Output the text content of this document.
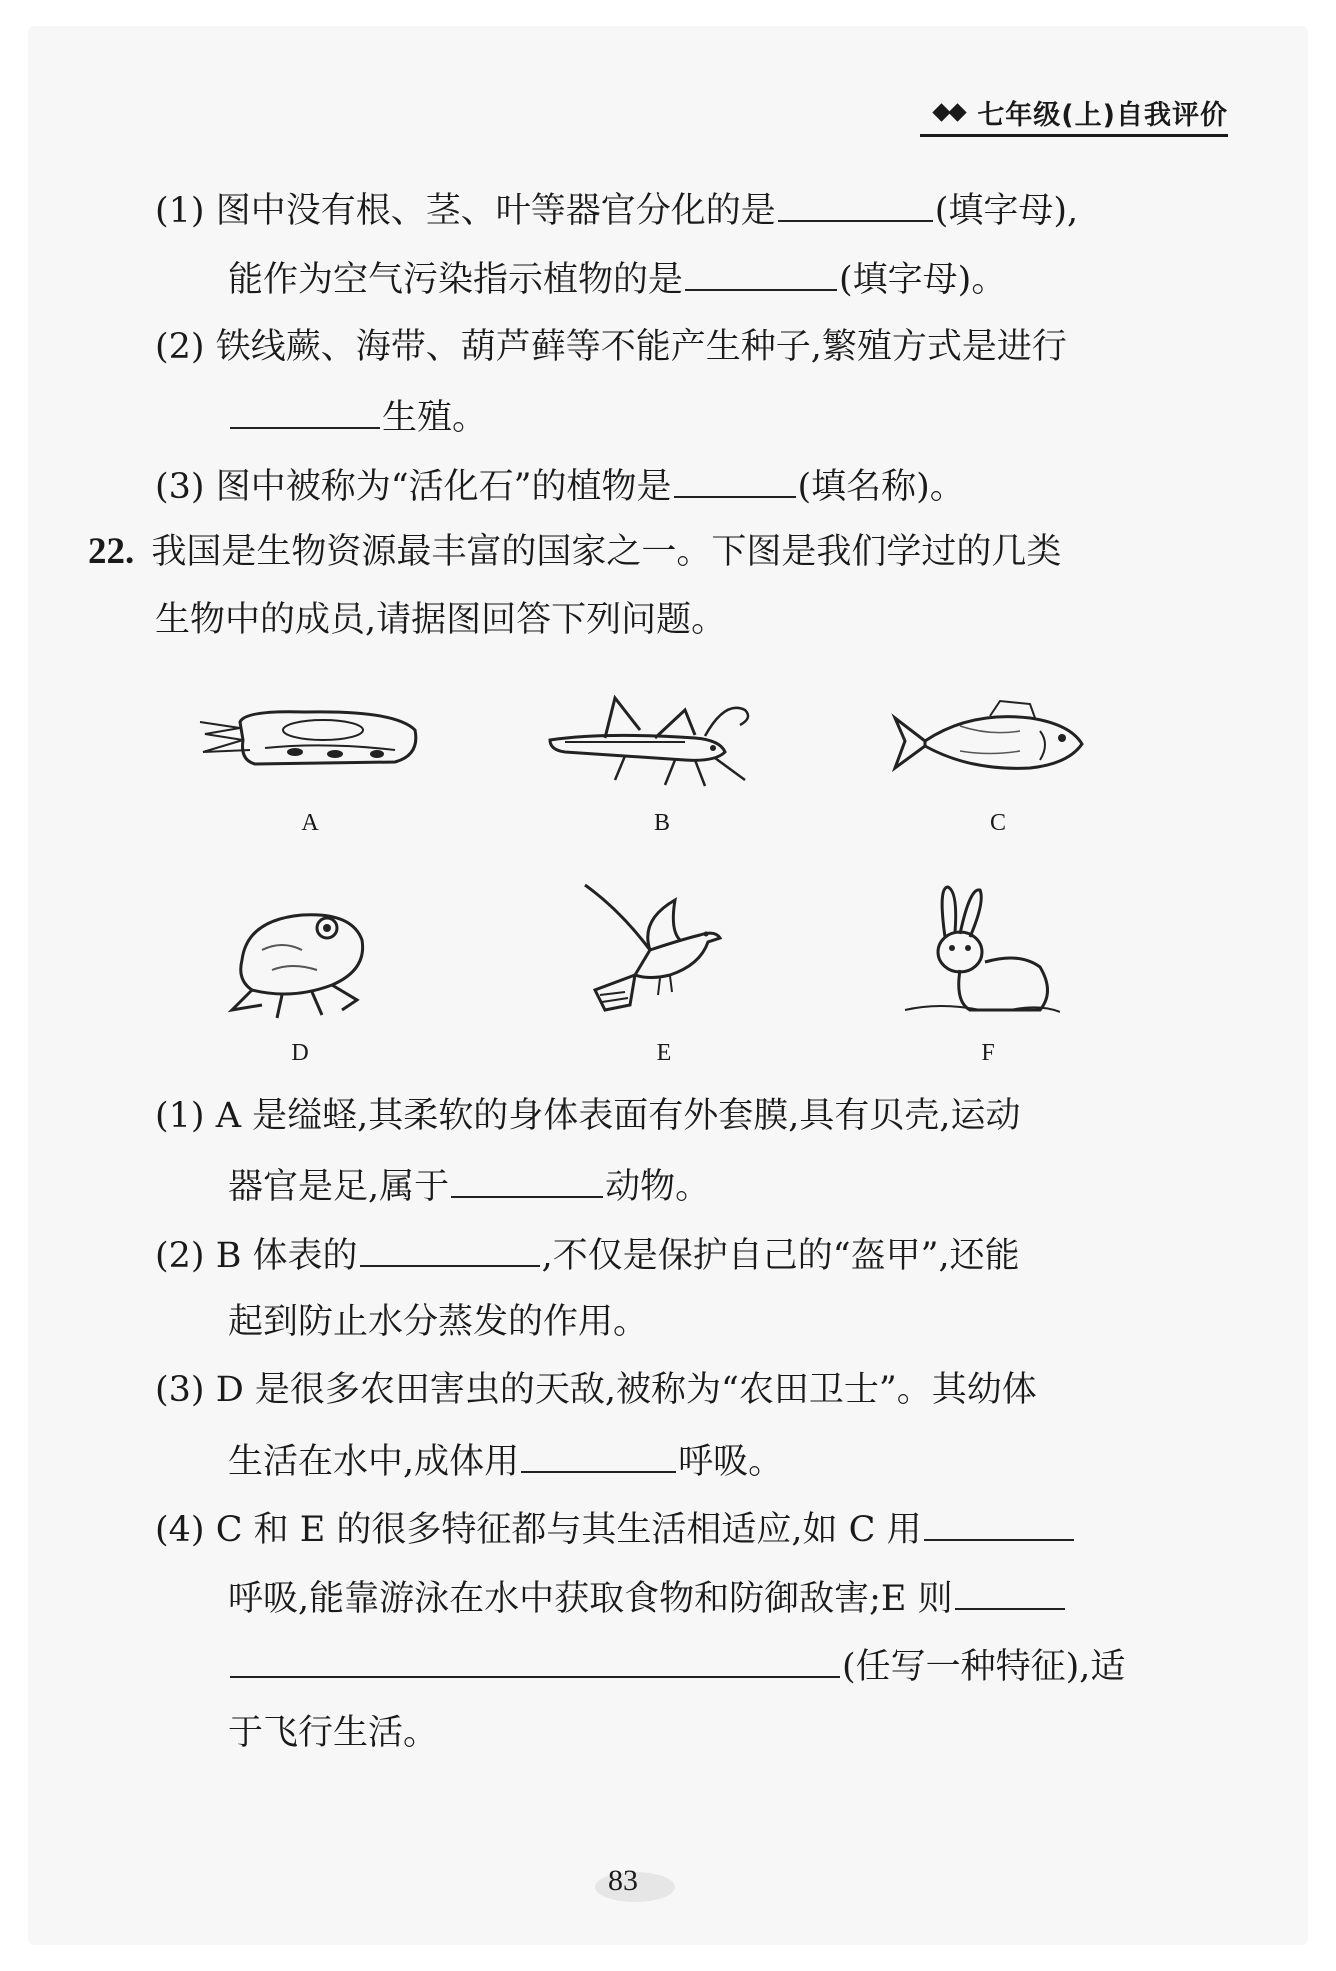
七年级(上)自我评价
(1) 图中没有根、茎、叶等器官分化的是	(填字母),
能作为空气污染指示植物的是	(填字母)。
(2) 铁线蕨、海带、葫芦藓等不能产生种子,繁殖方式是进行
生殖。
(3) 图中被称为“活化石”的植物是	(填名称)。
22. 我国是生物资源最丰富的国家之一。下图是我们学过的几类
生物中的成员,请据图回答下列问题。
A	B	C
D	E	F
(1) A 是缢蛏,其柔软的身体表面有外套膜,具有贝壳,运动
器官是足,属于	动物。
(2) B 体表的	,不仅是保护自己的“盔甲”,还能
起到防止水分蒸发的作用。
(3) D 是很多农田害虫的天敌,被称为“农田卫士”。其幼体
生活在水中,成体用	呼吸。
(4) C 和 E 的很多特征都与其生活相适应,如 C 用
呼吸,能靠游泳在水中获取食物和防御敌害;E 则
(任写一种特征),适
于飞行生活。
83
